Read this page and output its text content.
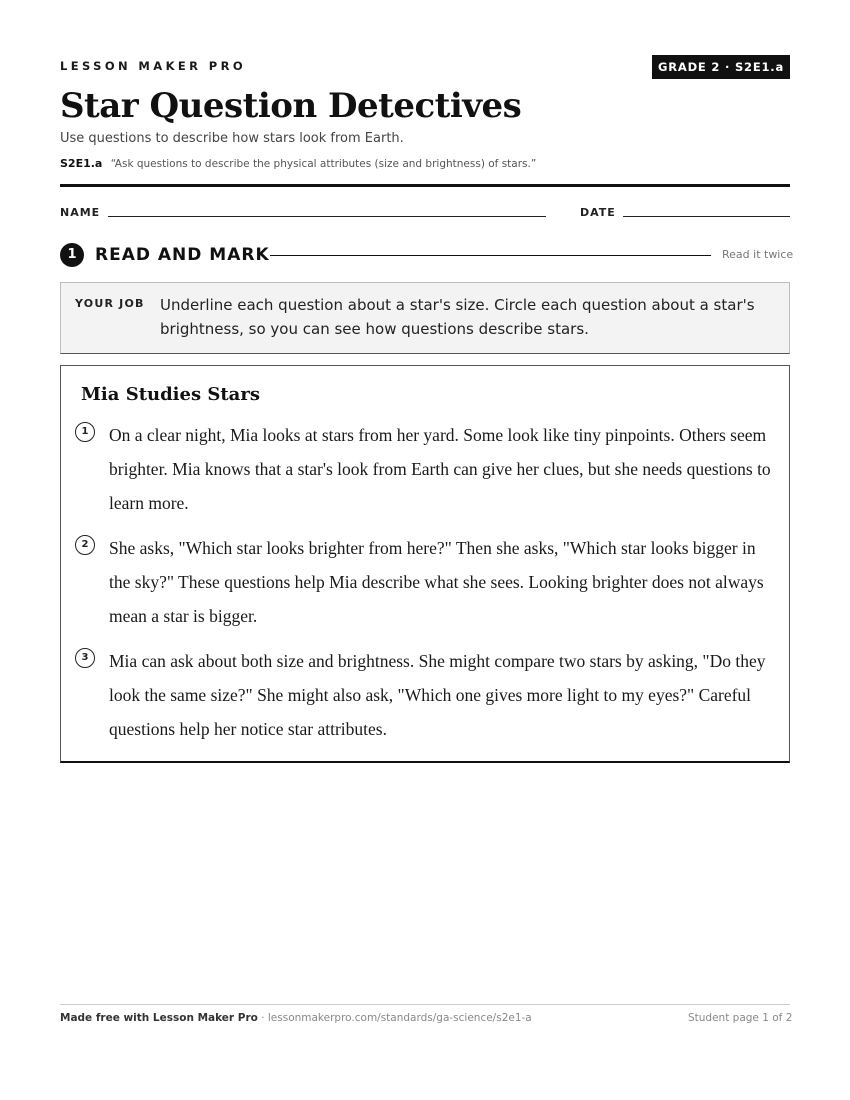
LESSON MAKER PRO	GRADE 2 · S2E1.a
Star Question Detectives
Use questions to describe how stars look from Earth.
S2E1.a “Ask questions to describe the physical attributes (size and brightness) of stars.”
NAME	DATE
1	READ AND MARK	Read it twice
YOUR JOB Underline each question about a star's size. Circle each question about a star's brightness, so you can see how questions describe stars.
Mia Studies Stars
1	On a clear night, Mia looks at stars from her yard. Some look like tiny pinpoints. Others seem brighter. Mia knows that a star's look from Earth can give her clues, but she needs questions to learn more.
2	She asks, "Which star looks brighter from here?" Then she asks, "Which star looks bigger in the sky?" These questions help Mia describe what she sees. Looking brighter does not always mean a star is bigger.
3	Mia can ask about both size and brightness. She might compare two stars by asking, "Do they look the same size?" She might also ask, "Which one gives more light to my eyes?" Careful questions help her notice star attributes.
Made free with Lesson Maker Pro · lessonmakerpro.com/standards/ga-science/s2e1-a	Student page 1 of 2
